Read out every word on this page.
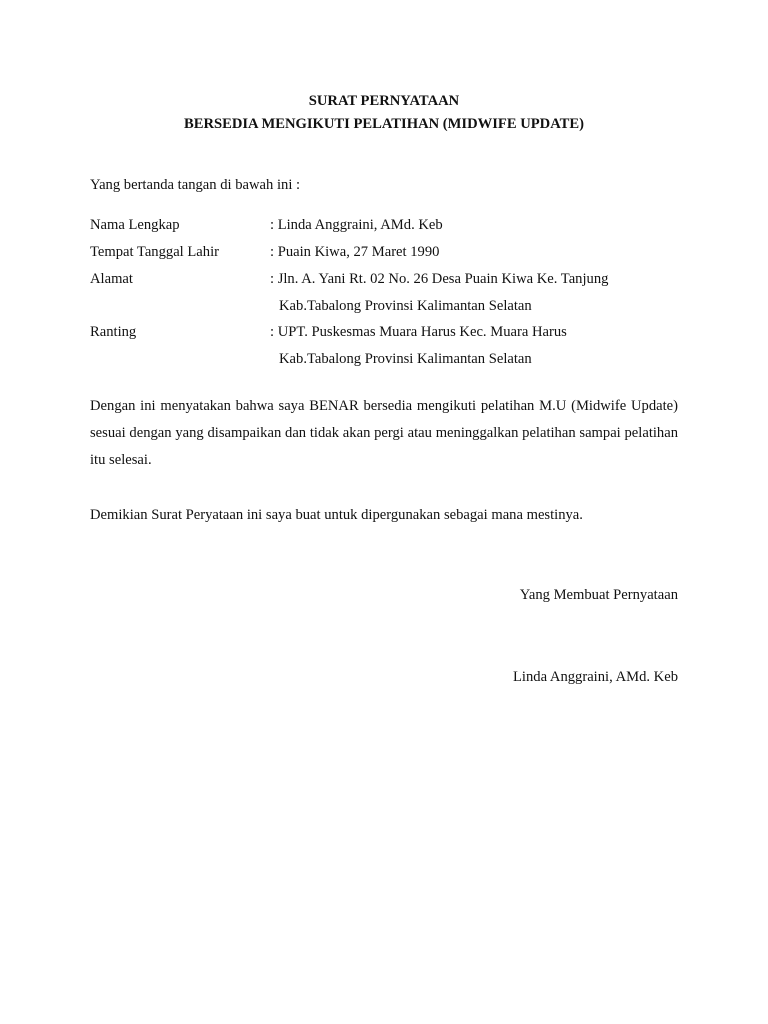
SURAT PERNYATAAN
BERSEDIA MENGIKUTI PELATIHAN (MIDWIFE UPDATE)
Yang bertanda tangan di bawah ini :
Nama Lengkap	: Linda Anggraini, AMd. Keb
Tempat Tanggal Lahir	: Puain Kiwa, 27 Maret 1990
Alamat	: Jln. A. Yani Rt. 02 No. 26 Desa Puain Kiwa Ke. Tanjung
Kab.Tabalong Provinsi Kalimantan Selatan
Ranting	: UPT. Puskesmas Muara Harus Kec. Muara Harus
Kab.Tabalong Provinsi Kalimantan Selatan
Dengan ini menyatakan bahwa saya BENAR bersedia mengikuti pelatihan M.U (Midwife Update) sesuai dengan yang disampaikan dan tidak akan pergi atau meninggalkan pelatihan sampai pelatihan itu selesai.
Demikian Surat Peryataan ini saya buat untuk dipergunakan sebagai mana mestinya.
Yang Membuat Pernyataan
Linda Anggraini, AMd. Keb
